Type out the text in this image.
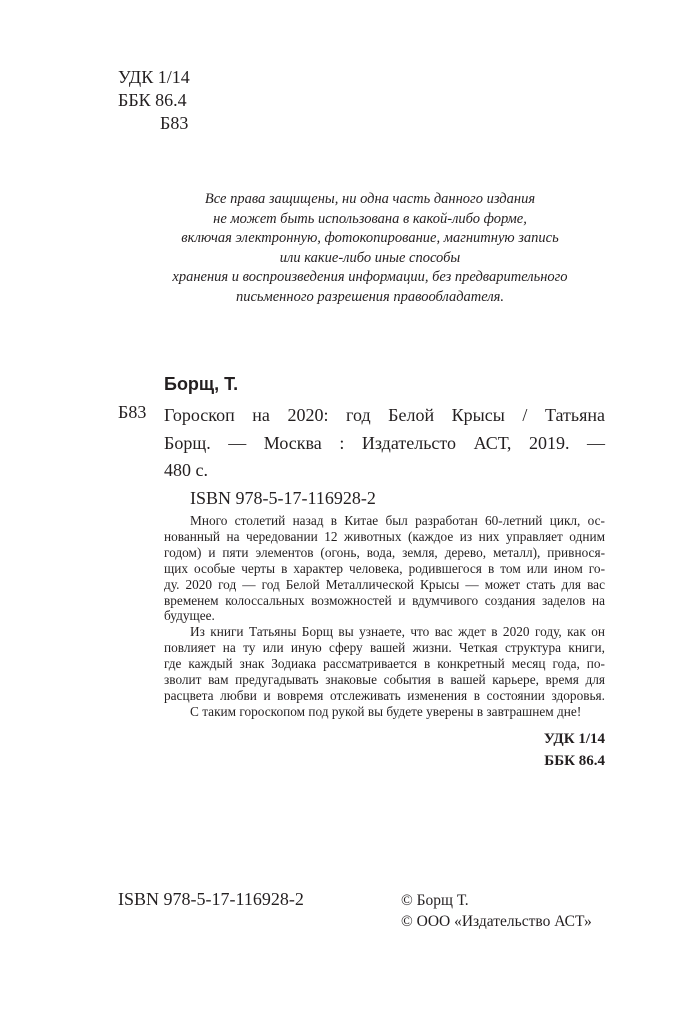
УДК 1/14
ББК 86.4
Б83
Все права защищены, ни одна часть данного издания
не может быть использована в какой-либо форме,
включая электронную, фотокопирование, магнитную запись
или какие-либо иные способы
хранения и воспроизведения информации, без предварительного
письменного разрешения правообладателя.
Борщ, Т.
Б83 Гороскоп на 2020: год Белой Крысы / Татьяна
Борщ. — Москва : Издательсто АСТ, 2019. —
480 с.
ISBN 978-5-17-116928-2
Много столетий назад в Китае был разработан 60-летний цикл, ос-
нованный на чередовании 12 животных (каждое из них управляет одним
годом) и пяти элементов (огонь, вода, земля, дерево, металл), привнося-
щих особые черты в характер человека, родившегося в том или ином го-
ду. 2020 год — год Белой Металлической Крысы — может стать для вас
временем колоссальных возможностей и вдумчивого создания заделов на
будущее.
Из книги Татьяны Борщ вы узнаете, что вас ждет в 2020 году, как он
повлияет на ту или иную сферу вашей жизни. Четкая структура книги,
где каждый знак Зодиака рассматривается в конкретный месяц года, по-
зволит вам предугадывать знаковые события в вашей карьере, время для
расцвета любви и вовремя отслеживать изменения в состоянии здоровья.
С таким гороскопом под рукой вы будете уверены в завтрашнем дне!
УДК 1/14
ББК 86.4
ISBN 978-5-17-116928-2	© Борщ Т.
© ООО «Издательство АСТ»
